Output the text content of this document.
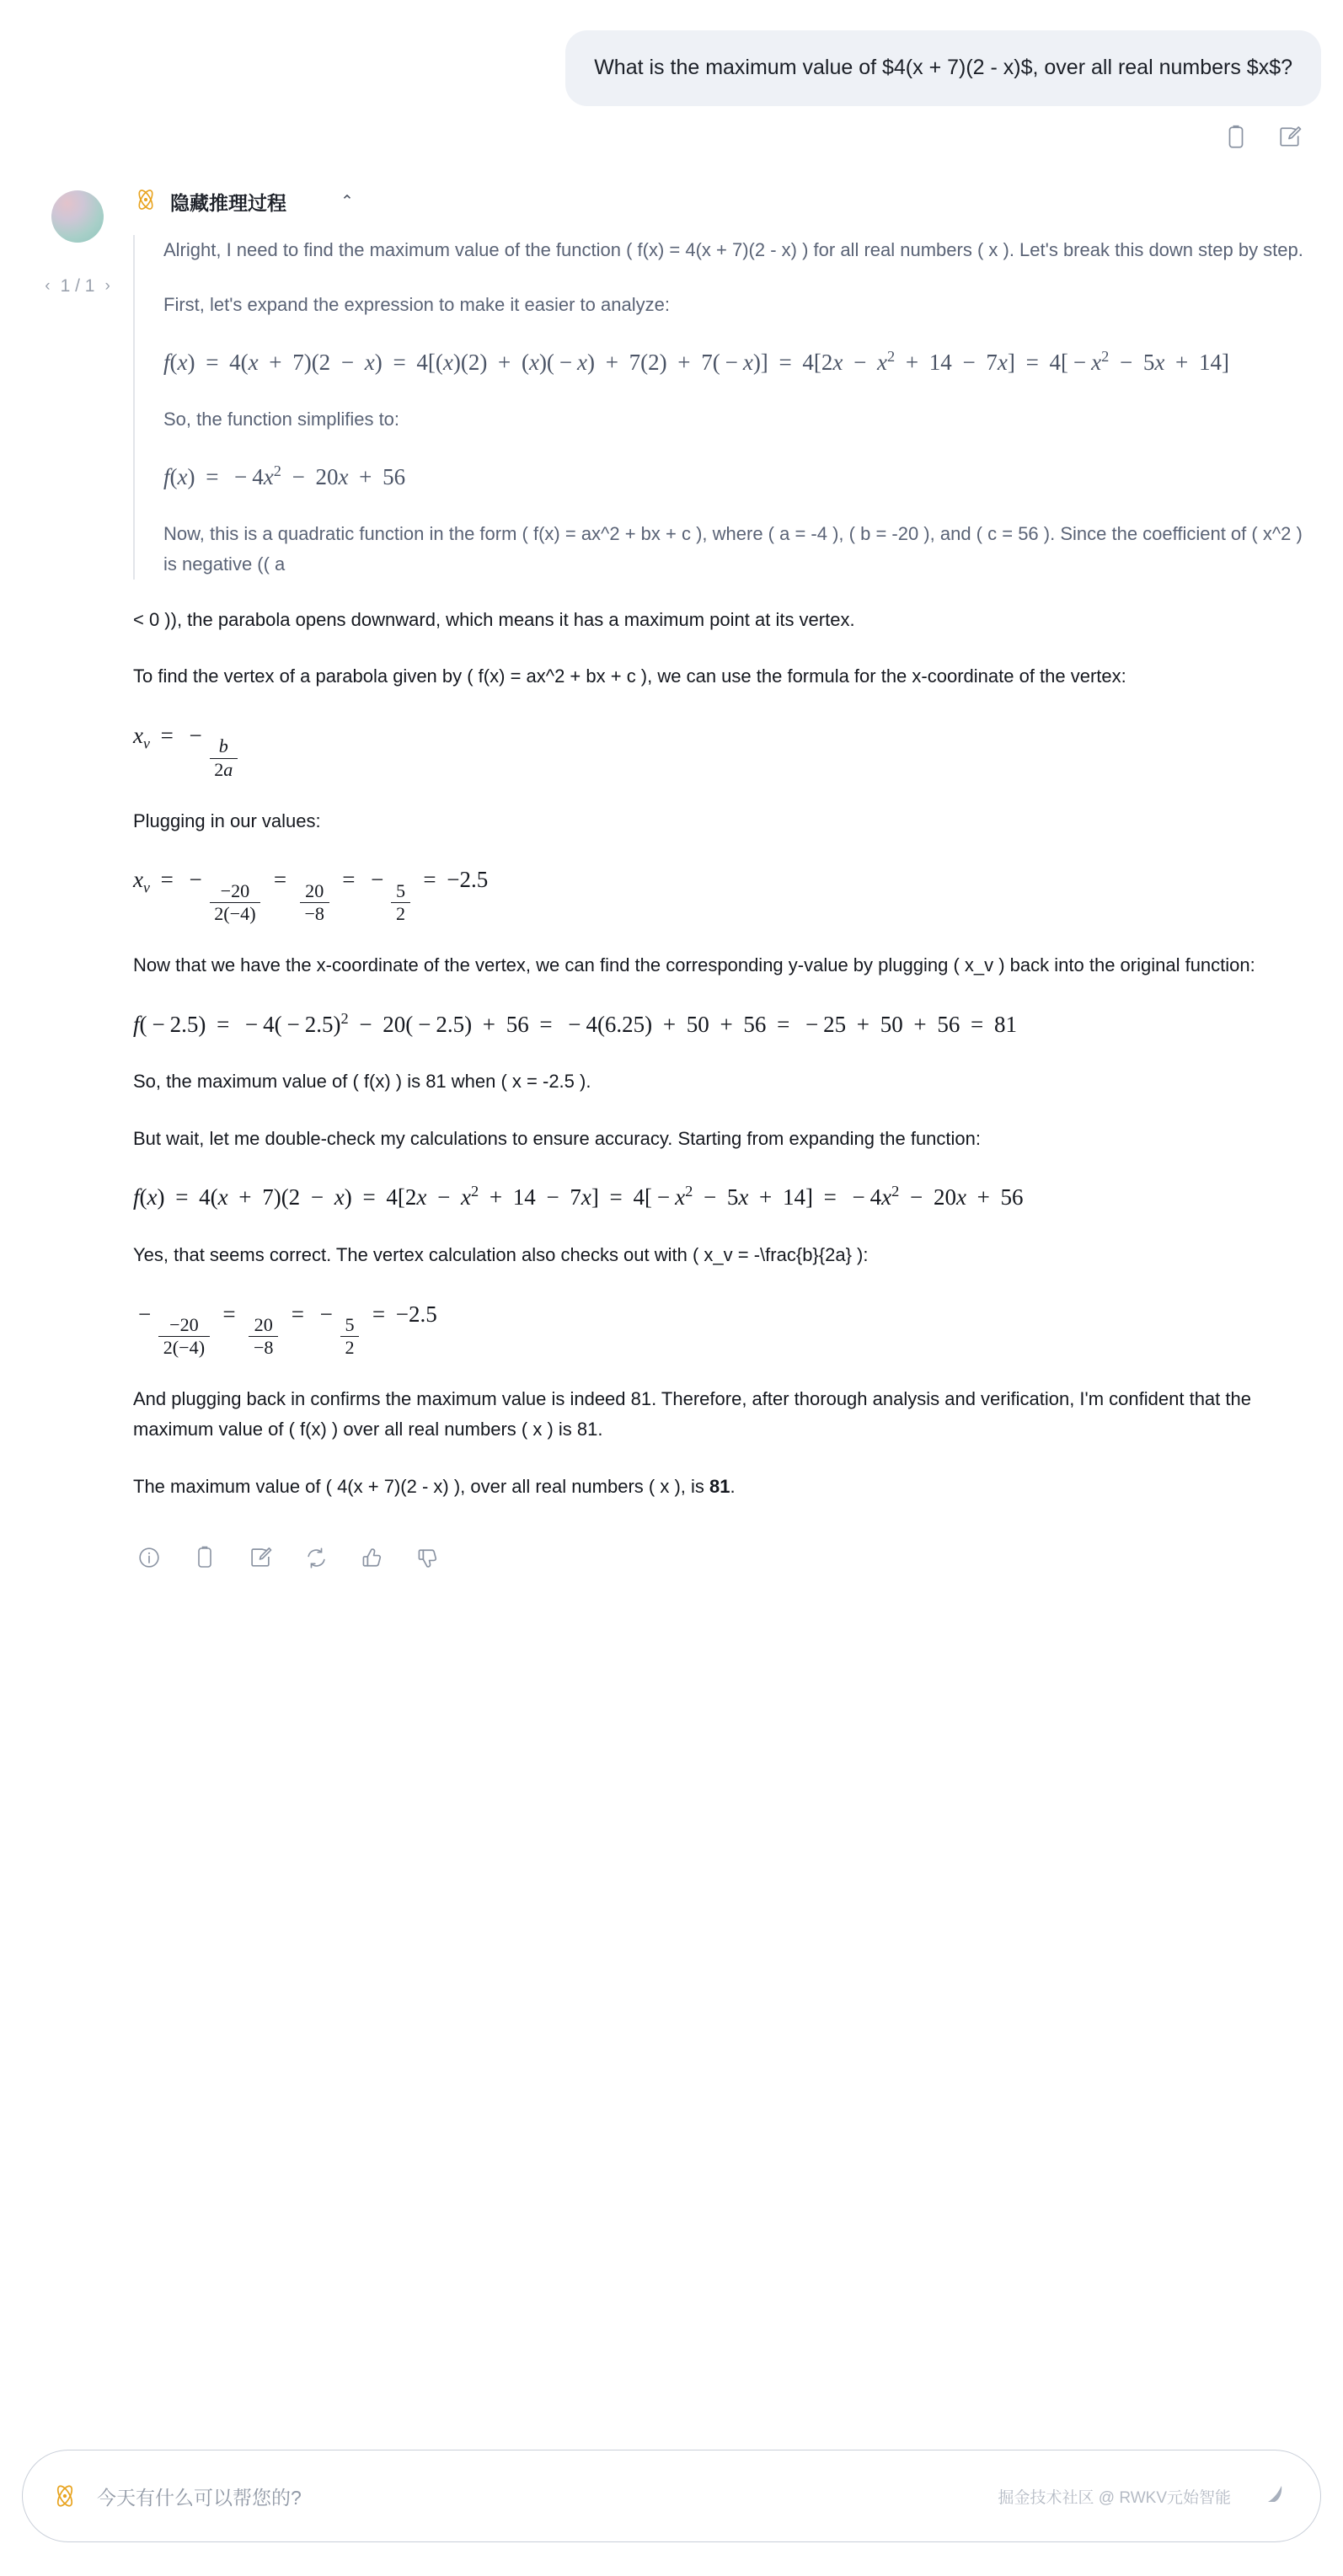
What is the maximum value of $4(x + 7)(2 - x)$, over all real numbers $x$?
‹ 1 / 1 ›
隐藏推理过程	⌃

Alright, I need to find the maximum value of the function ( f(x) = 4(x + 7)(2 - x) ) for all real numbers ( x ). Let's break this down step by step.

First, let's expand the expression to make it easier to analyze:

$f(x) = 4(x + 7)(2 - x) = 4[(x)(2) + (x)( - x) + 7(2) + 7( - x)] = 4[2x - x^2 + 14 - 7x] = 4[ - x^2 - 5x + 14]$

So, the function simplifies to:

f(x) = − $4x^2 - 20x + 56$

Now, this is a quadratic function in the form ( f(x) = ax^2 + bx + c ), where ( a = -4 ), ( b = -20 ), and ( c = 56 ). Since the coefficient of ( x^2 ) is negative (( a

< 0 )), the parabola opens downward, which means it has a maximum point at its vertex.

To find the vertex of a parabola given by ( f(x) = ax^2 + bx + c ), we can use the formula for the x-coordinate of the vertex:

$x_v$ = −
$\frac{b}{2a}$

Plugging in our values:

$x_v$ = −
$\frac{-20}{2(-4)}$
=
$\frac{20}{-8}$
= −
$\frac{5}{2}$
= −2.5

Now that we have the x-coordinate of the vertex, we can find the corresponding y-value by plugging ( x_v ) back into the original function:

f( − 2.5) = − $4( - 2.5)^2 - 20( - 2.5) + 56$ = − 4(6.25) + 50 + 56 = − 25 + 50 + 56 = 81

So, the maximum value of ( f(x) ) is 81 when ( x = -2.5 ).

But wait, let me double-check my calculations to ensure accuracy. Starting from expanding the function:

$f(x) = 4(x + 7)(2 - x) = 4[2x - x^2 + 14 - 7x] = 4[ - x^2 - 5x + 14]$ = − $4x^2 - 20x + 56$

Yes, that seems correct. The vertex calculation also checks out with ( x_v = -\frac{b}{2a} ):

−
$\frac{-20}{2(-4)}$
=
$\frac{20}{-8}$
= −
$\frac{5}{2}$
= −2.5

And plugging back in confirms the maximum value is indeed 81. Therefore, after thorough analysis and verification, I'm confident that the maximum value of ( f(x) ) over all real numbers ( x ) is 81.

The maximum value of ( 4(x + 7)(2 - x) ), over all real numbers ( x ), is 81.

今天有什么可以帮您的?	掘金技术社区 @ RWKV元始智能
